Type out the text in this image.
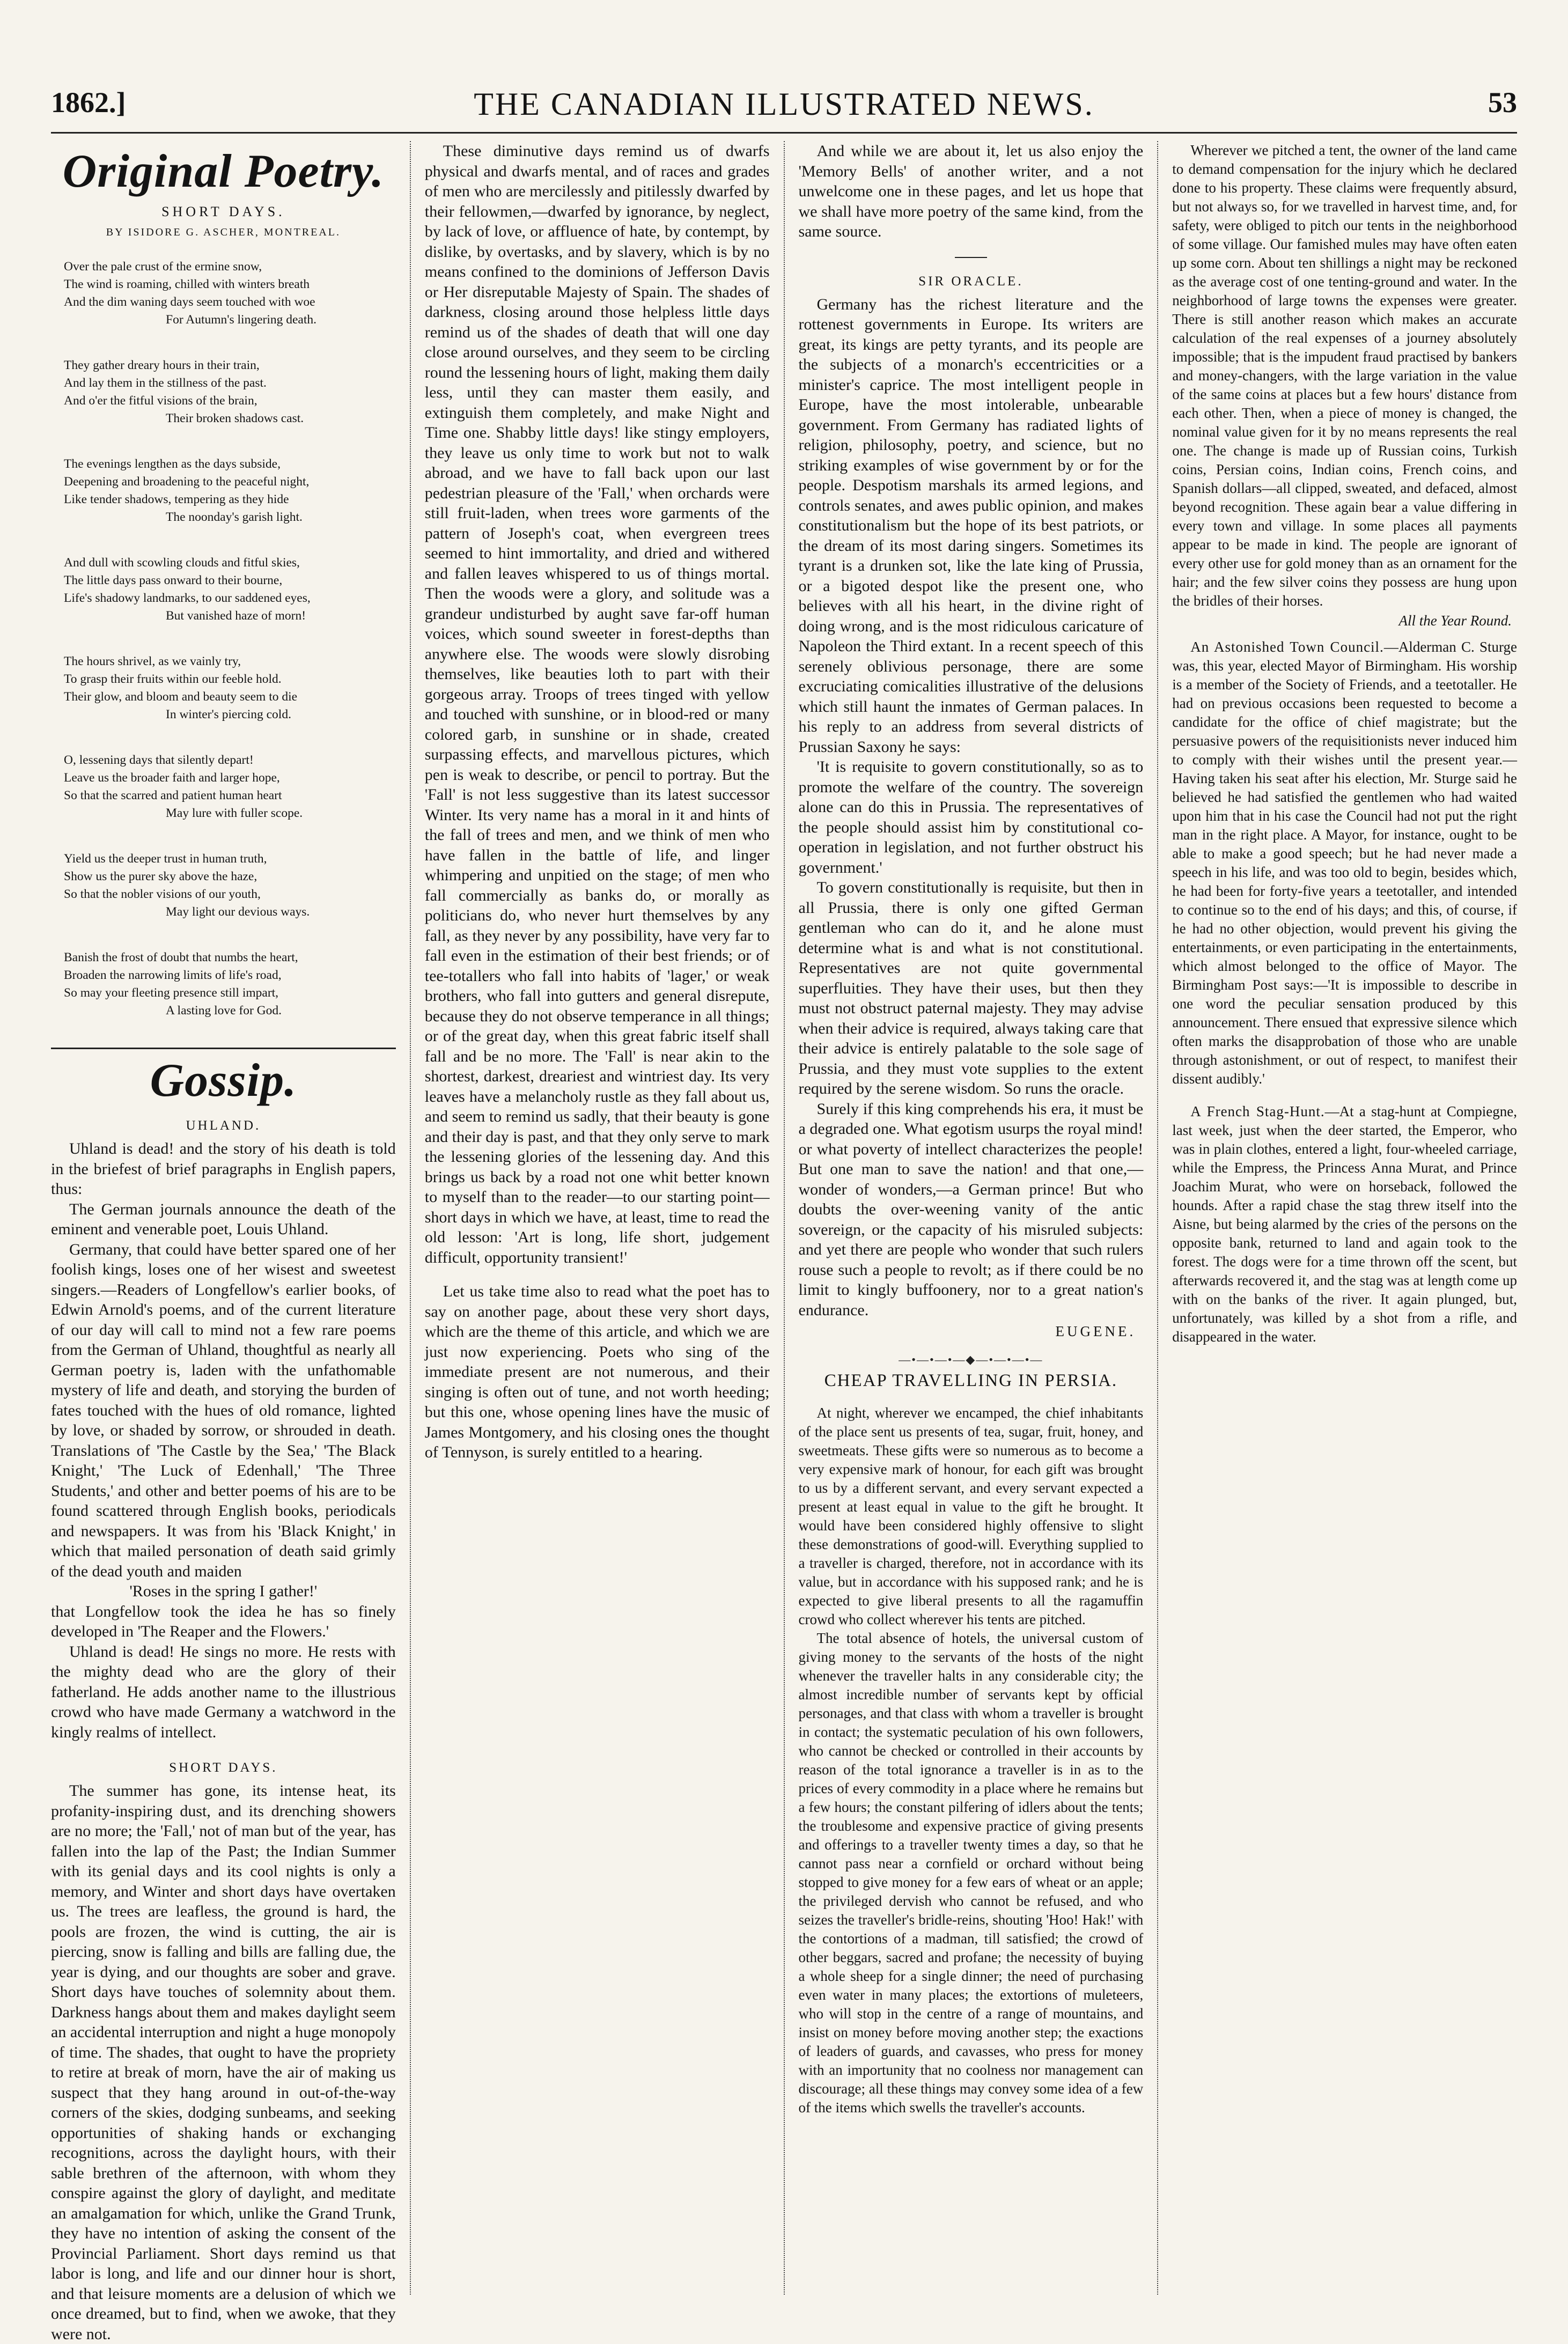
1862.]	THE CANADIAN ILLUSTRATED NEWS.	53
Original Poetry.
SHORT DAYS.
BY ISIDORE G. ASCHER, MONTREAL.
Over the pale crust of the ermine snow,
The wind is roaming, chilled with winters breath
And the dim waning days seem touched with woe
For Autumn's lingering death.
They gather dreary hours in their train,
And lay them in the stillness of the past.
And o'er the fitful visions of the brain,
Their broken shadows cast.
The evenings lengthen as the days subside,
Deepening and broadening to the peaceful night,
Like tender shadows, tempering as they hide
The noonday's garish light.
And dull with scowling clouds and fitful skies,
The little days pass onward to their bourne,
Life's shadowy landmarks, to our saddened eyes,
But vanished haze of morn!
The hours shrivel, as we vainly try,
To grasp their fruits within our feeble hold.
Their glow, and bloom and beauty seem to die
In winter's piercing cold.
O, lessening days that silently depart!
Leave us the broader faith and larger hope,
So that the scarred and patient human heart
May lure with fuller scope.
Yield us the deeper trust in human truth,
Show us the purer sky above the haze,
So that the nobler visions of our youth,
May light our devious ways.
Banish the frost of doubt that numbs the heart,
Broaden the narrowing limits of life's road,
So may your fleeting presence still impart,
A lasting love for God.
Gossip.
UHLAND.

Uhland is dead! and the story of his death is told in the briefest of brief paragraphs in English papers, thus:

The German journals announce the death of the eminent and venerable poet, Louis Uhland.

Germany, that could have better spared one of her foolish kings, loses one of her wisest and sweetest singers.—Readers of Longfellow's earlier books, of Edwin Arnold's poems, and of the current literature of our day will call to mind not a few rare poems from the German of Uhland, thoughtful as nearly all German poetry is, laden with the unfathomable mystery of life and death, and storying the burden of fates touched with the hues of old romance, lighted by love, or shaded by sorrow, or shrouded in death. Translations of 'The Castle by the Sea,' 'The Black Knight,' 'The Luck of Edenhall,' 'The Three Students,' and other and better poems of his are to be found scattered through English books, periodicals and newspapers. It was from his 'Black Knight,' in which that mailed personation of death said grimly of the dead youth and maiden

'Roses in the spring I gather!'

that Longfellow took the idea he has so finely developed in 'The Reaper and the Flowers.'

Uhland is dead! He sings no more. He rests with the mighty dead who are the glory of their fatherland. He adds another name to the illustrious crowd who have made Germany a watchword in the kingly realms of intellect.

SHORT DAYS.

The summer has gone, its intense heat, its profanity-inspiring dust, and its drenching showers are no more; the 'Fall,' not of man but of the year, has fallen into the lap of the Past; the Indian Summer with its genial days and its cool nights is only a memory, and Winter and short days have overtaken us. The trees are leafless, the ground is hard, the pools are frozen, the wind is cutting, the air is piercing, snow is falling and bills are falling due, the year is dying, and our thoughts are sober and grave. Short days have touches of solemnity about them. Darkness hangs about them and makes daylight seem an accidental interruption and night a huge monopoly of time. The shades, that ought to have the propriety to retire at break of morn, have the air of making us suspect that they hang around in out-of-the-way corners of the skies, dodging sunbeams, and seeking opportunities of shaking hands or exchanging recognitions, across the daylight hours, with their sable brethren of the afternoon, with whom they conspire against the glory of daylight, and meditate an amalgamation for which, unlike the Grand Trunk, they have no intention of asking the consent of the Provincial Parliament. Short days remind us that labor is long, and life and our dinner hour is short, and that leisure moments are a delusion of which we once dreamed, but to find, when we awoke, that they were not.

These diminutive days remind us of dwarfs physical and dwarfs mental, and of races and grades of men who are mercilessly and pitilessly dwarfed by their fellowmen,—dwarfed by ignorance, by neglect, by lack of love, or affluence of hate, by contempt, by dislike, by overtasks, and by slavery, which is by no means confined to the dominions of Jefferson Davis or Her disreputable Majesty of Spain. The shades of darkness, closing around those helpless little days remind us of the shades of death that will one day close around ourselves, and they seem to be circling round the lessening hours of light, making them daily less, until they can master them easily, and extinguish them completely, and make Night and Time one. Shabby little days! like stingy employers, they leave us only time to work but not to walk abroad, and we have to fall back upon our last pedestrian pleasure of the 'Fall,' when orchards were still fruit-laden, when trees wore garments of the pattern of Joseph's coat, when evergreen trees seemed to hint immortality, and dried and withered and fallen leaves whispered to us of things mortal. Then the woods were a glory, and solitude was a grandeur undisturbed by aught save far-off human voices, which sound sweeter in forest-depths than anywhere else. The woods were slowly disrobing themselves, like beauties loth to part with their gorgeous array. Troops of trees tinged with yellow and touched with sunshine, or in blood-red or many colored garb, in sunshine or in shade, created surpassing effects, and marvellous pictures, which pen is weak to describe, or pencil to portray. But the 'Fall' is not less suggestive than its latest successor Winter. Its very name has a moral in it and hints of the fall of trees and men, and we think of men who have fallen in the battle of life, and linger whimpering and unpitied on the stage; of men who fall commercially as banks do, or morally as politicians do, who never hurt themselves by any fall, as they never by any possibility, have very far to fall even in the estimation of their best friends; or of tee-totallers who fall into habits of 'lager,' or weak brothers, who fall into gutters and general disrepute, because they do not observe temperance in all things; or of the great day, when this great fabric itself shall fall and be no more. The 'Fall' is near akin to the shortest, darkest, dreariest and wintriest day. Its very leaves have a melancholy rustle as they fall about us, and seem to remind us sadly, that their beauty is gone and their day is past, and that they only serve to mark the lessening glories of the lessening day. And this brings us back by a road not one whit better known to myself than to the reader—to our starting point—short days in which we have, at least, time to read the old lesson: 'Art is long, life short, judgement difficult, opportunity transient!'

Let us take time also to read what the poet has to say on another page, about these very short days, which are the theme of this article, and which we are just now experiencing. Poets who sing of the immediate present are not numerous, and their singing is often out of tune, and not worth heeding; but this one, whose opening lines have the music of James Montgomery, and his closing ones the thought of Tennyson, is surely entitled to a hearing.

And while we are about it, let us also enjoy the 'Memory Bells' of another writer, and a not unwelcome one in these pages, and let us hope that we shall have more poetry of the same kind, from the same source.

SIR ORACLE.

Germany has the richest literature and the rottenest governments in Europe. Its writers are great, its kings are petty tyrants, and its people are the subjects of a monarch's eccentricities or a minister's caprice. The most intelligent people in Europe, have the most intolerable, unbearable government. From Germany has radiated lights of religion, philosophy, poetry, and science, but no striking examples of wise government by or for the people. Despotism marshals its armed legions, and controls senates, and awes public opinion, and makes constitutionalism but the hope of its best patriots, or the dream of its most daring singers. Sometimes its tyrant is a drunken sot, like the late king of Prussia, or a bigoted despot like the present one, who believes with all his heart, in the divine right of doing wrong, and is the most ridiculous caricature of Napoleon the Third extant. In a recent speech of this serenely oblivious personage, there are some excruciating comicalities illustrative of the delusions which still haunt the inmates of German palaces. In his reply to an address from several districts of Prussian Saxony he says:

'It is requisite to govern constitutionally, so as to promote the welfare of the country. The sovereign alone can do this in Prussia. The representatives of the people should assist him by constitutional co-operation in legislation, and not further obstruct his government.'

To govern constitutionally is requisite, but then in all Prussia, there is only one gifted German gentleman who can do it, and he alone must determine what is and what is not constitutional. Representatives are not quite governmental superfluities. They have their uses, but then they must not obstruct paternal majesty. They may advise when their advice is required, always taking care that their advice is entirely palatable to the sole sage of Prussia, and they must vote supplies to the extent required by the serene wisdom. So runs the oracle.

Surely if this king comprehends his era, it must be a degraded one. What egotism usurps the royal mind! or what poverty of intellect characterizes the people! But one man to save the nation! and that one,—wonder of wonders,—a German prince! But who doubts the over-weening vanity of the antic sovereign, or the capacity of his misruled subjects: and yet there are people who wonder that such rulers rouse such a people to revolt; as if there could be no limit to kingly buffoonery, nor to a great nation's endurance.

EUGENE.
—•—•—•—◆—•—•—•—
CHEAP TRAVELLING IN PERSIA.

At night, wherever we encamped, the chief inhabitants of the place sent us presents of tea, sugar, fruit, honey, and sweetmeats. These gifts were so numerous as to become a very expensive mark of honour, for each gift was brought to us by a different servant, and every servant expected a present at least equal in value to the gift he brought. It would have been considered highly offensive to slight these demonstrations of good-will. Everything supplied to a traveller is charged, therefore, not in accordance with its value, but in accordance with his supposed rank; and he is expected to give liberal presents to all the ragamuffin crowd who collect wherever his tents are pitched.

The total absence of hotels, the universal custom of giving money to the servants of the hosts of the night whenever the traveller halts in any considerable city; the almost incredible number of servants kept by official personages, and that class with whom a traveller is brought in contact; the systematic peculation of his own followers, who cannot be checked or controlled in their accounts by reason of the total ignorance a traveller is in as to the prices of every commodity in a place where he remains but a few hours; the constant pilfering of idlers about the tents; the troublesome and expensive practice of giving presents and offerings to a traveller twenty times a day, so that he cannot pass near a cornfield or orchard without being stopped to give money for a few ears of wheat or an apple; the privileged dervish who cannot be refused, and who seizes the traveller's bridle-reins, shouting 'Hoo! Hak!' with the contortions of a madman, till satisfied; the crowd of other beggars, sacred and profane; the necessity of buying a whole sheep for a single dinner; the need of purchasing even water in many places; the extortions of muleteers, who will stop in the centre of a range of mountains, and insist on money before moving another step; the exactions of leaders of guards, and cavasses, who press for money with an importunity that no coolness nor management can discourage; all these things may convey some idea of a few of the items which swells the traveller's accounts.

Wherever we pitched a tent, the owner of the land came to demand compensation for the injury which he declared done to his property. These claims were frequently absurd, but not always so, for we travelled in harvest time, and, for safety, were obliged to pitch our tents in the neighborhood of some village. Our famished mules may have often eaten up some corn. About ten shillings a night may be reckoned as the average cost of one tenting-ground and water. In the neighborhood of large towns the expenses were greater. There is still another reason which makes an accurate calculation of the real expenses of a journey absolutely impossible; that is the impudent fraud practised by bankers and money-changers, with the large variation in the value of the same coins at places but a few hours' distance from each other. Then, when a piece of money is changed, the nominal value given for it by no means represents the real one. The change is made up of Russian coins, Turkish coins, Persian coins, Indian coins, French coins, and Spanish dollars—all clipped, sweated, and defaced, almost beyond recognition. These again bear a value differing in every town and village. In some places all payments appear to be made in kind. The people are ignorant of every other use for gold money than as an ornament for the hair; and the few silver coins they possess are hung upon the bridles of their horses.

All the Year Round.

An Astonished Town Council.—Alderman C. Sturge was, this year, elected Mayor of Birmingham. His worship is a member of the Society of Friends, and a teetotaller. He had on previous occasions been requested to become a candidate for the office of chief magistrate; but the persuasive powers of the requisitionists never induced him to comply with their wishes until the present year.—Having taken his seat after his election, Mr. Sturge said he believed he had satisfied the gentlemen who had waited upon him that in his case the Council had not put the right man in the right place. A Mayor, for instance, ought to be able to make a good speech; but he had never made a speech in his life, and was too old to begin, besides which, he had been for forty-five years a teetotaller, and intended to continue so to the end of his days; and this, of course, if he had no other objection, would prevent his giving the entertainments, or even participating in the entertainments, which almost belonged to the office of Mayor. The Birmingham Post says:—'It is impossible to describe in one word the peculiar sensation produced by this announcement. There ensued that expressive silence which often marks the disapprobation of those who are unable through astonishment, or out of respect, to manifest their dissent audibly.'

A French Stag-Hunt.—At a stag-hunt at Compiegne, last week, just when the deer started, the Emperor, who was in plain clothes, entered a light, four-wheeled carriage, while the Empress, the Princess Anna Murat, and Prince Joachim Murat, who were on horseback, followed the hounds. After a rapid chase the stag threw itself into the Aisne, but being alarmed by the cries of the persons on the opposite bank, returned to land and again took to the forest. The dogs were for a time thrown off the scent, but afterwards recovered it, and the stag was at length come up with on the banks of the river. It again plunged, but, unfortunately, was killed by a shot from a rifle, and disappeared in the water.
